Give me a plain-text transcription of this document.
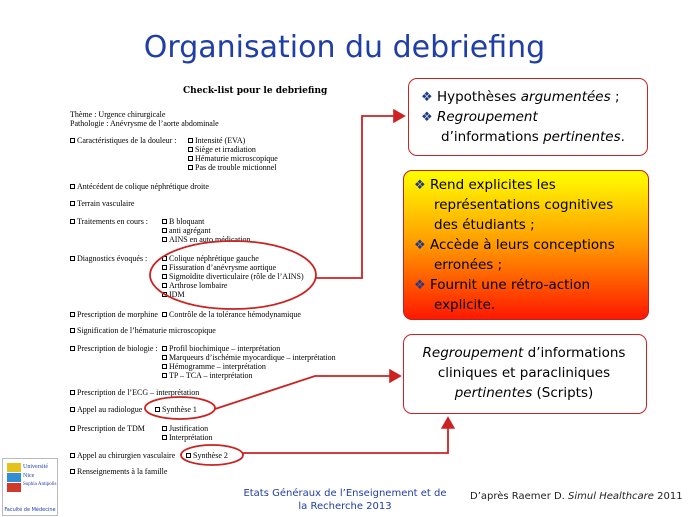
Organisation du debriefing
Check-list pour le debriefing
Thème : Urgence chirurgicale
Pathologie : Anévrysme de l’aorte abdominale
Caractéristiques de la douleur :	Intensité (EVA)
Siège et irradiation
Hématurie microscopique
Pas de trouble mictionnel
Antécédent de colique néphrétique droite
Terrain vasculaire
Traitements en cours :	B bloquant
anti agrégant
AINS en auto médication
Diagnostics évoqués :	Colique néphrétique gauche
Fissuration d’anévrysme aortique
Sigmoïdite diverticulaire (rôle de l’AINS)
Arthrose lombaire
IDM
Prescription de morphine	Contrôle de la tolérance hémodynamique
Signification de l’hématurie microscopique
Prescription de biologie :	Profil biochimique – interprétation
Marqueurs d’ischémie myocardique – interprétation
Hémogramme – interprétation
TP – TCA – interprétation
Prescription de l’ECG – interprétation
Appel au radiologue	Synthèse 1
Prescription de TDM	Justification
Interprétation
Appel au chirurgien vasculaire	Synthèse 2
Renseignements à la famille
❖ Hypothèses argumentées ;
❖ Regroupement
d’informations pertinentes.
❖ Rend explicites les
représentations cognitives
des étudiants ;
❖ Accède à leurs conceptions
erronées ;
❖ Fournit une rétro-action
explicite.
Regroupement d’informations
cliniques et paracliniques
pertinentes (Scripts)
Etats Généraux de l’Enseignement et de
la Recherche 2013
D’après Raemer D. Simul Healthcare 2011
Université
Nice
Sophia Antipolis
Faculté de Médecine
